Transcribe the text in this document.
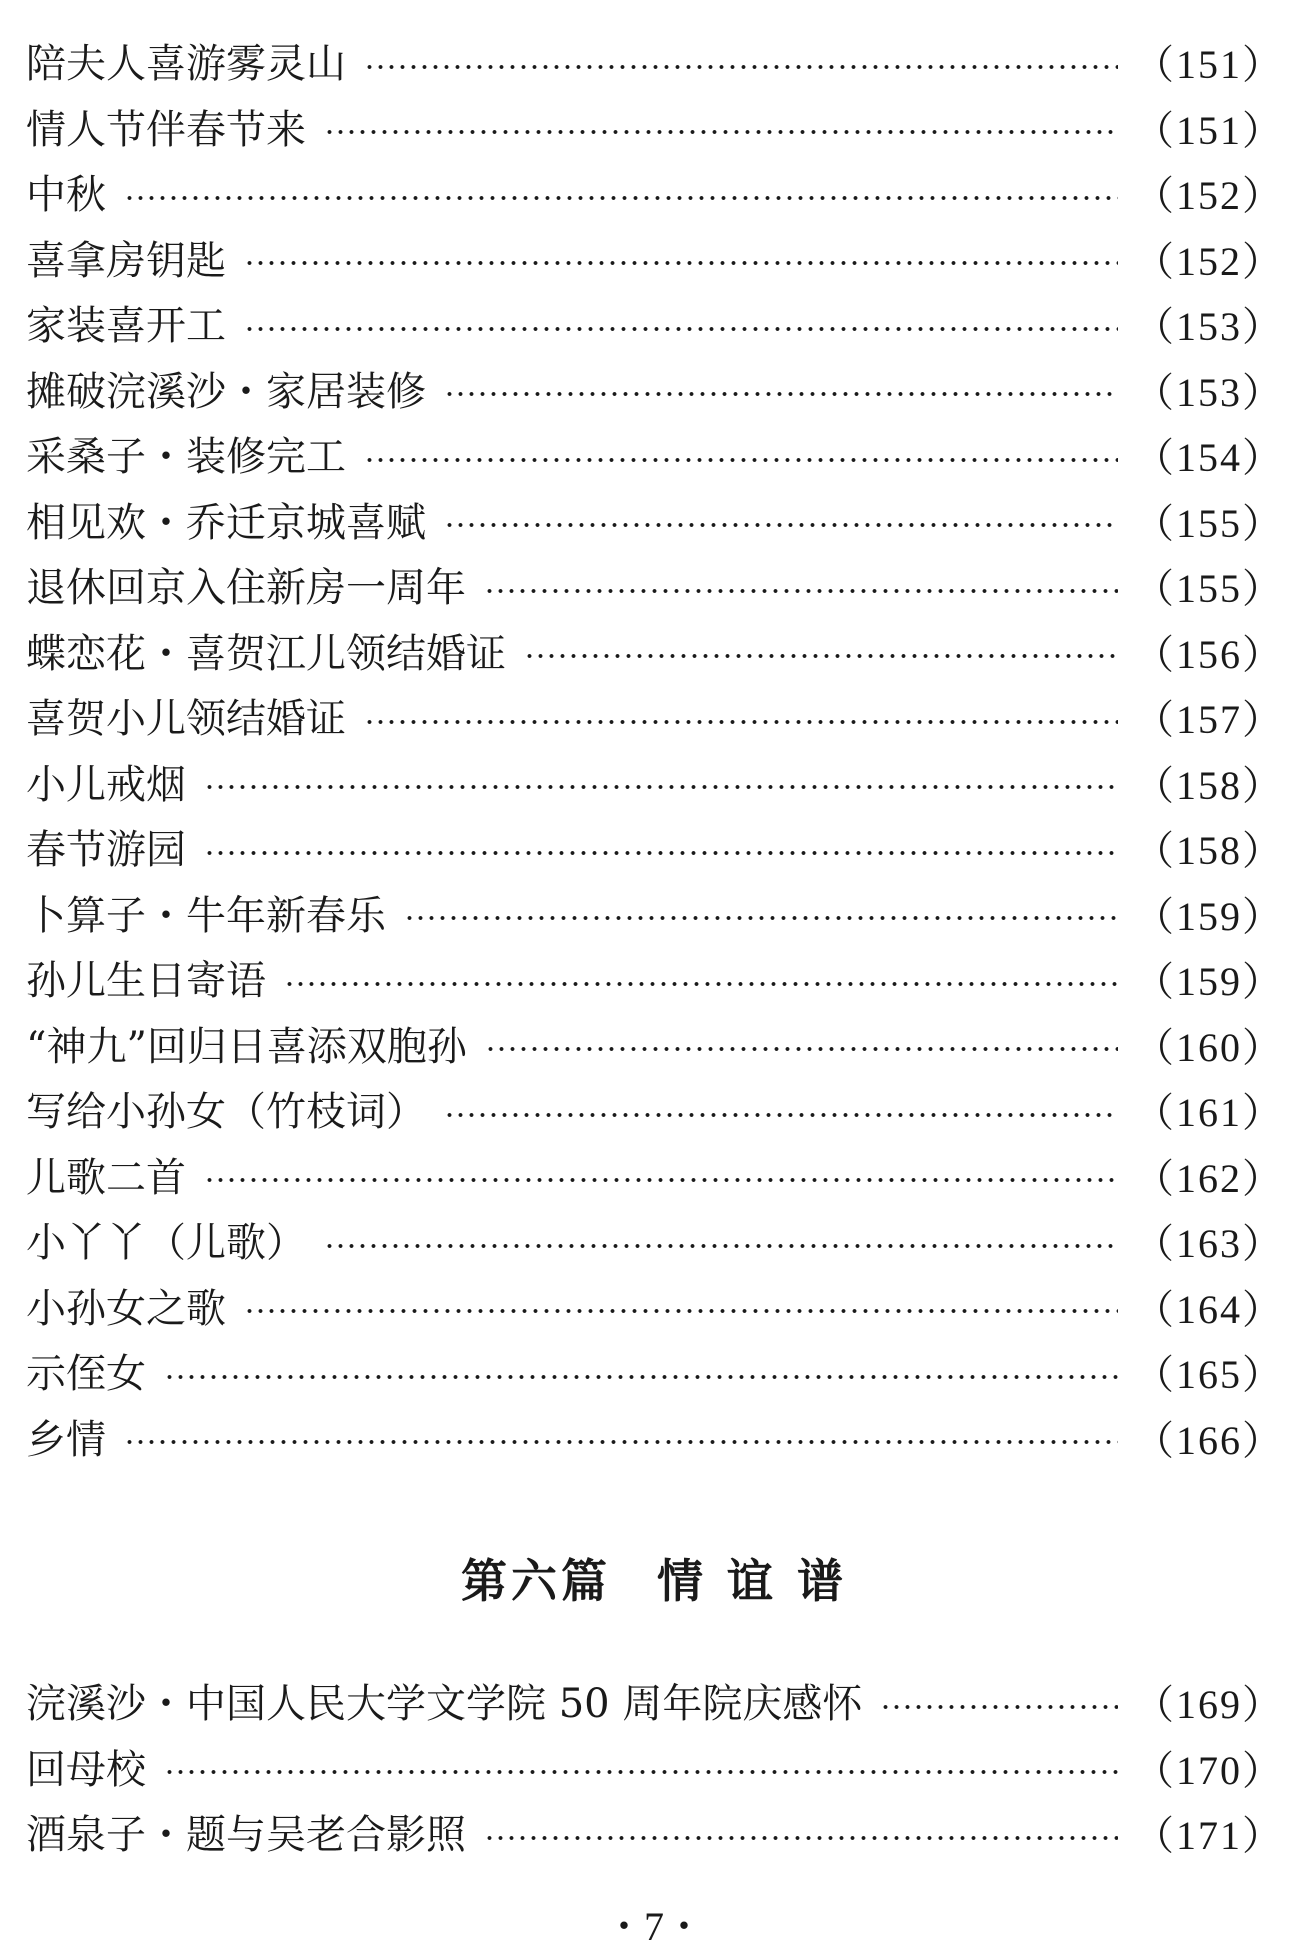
陪夫人喜游雾灵山	（151）
情人节伴春节来	（151）
中秋	（152）
喜拿房钥匙	（152）
家装喜开工	（153）
摊破浣溪沙・家居装修	（153）
采桑子・装修完工	（154）
相见欢・乔迁京城喜赋	（155）
退休回京入住新房一周年	（155）
蝶恋花・喜贺江儿领结婚证	（156）
喜贺小儿领结婚证	（157）
小儿戒烟	（158）
春节游园	（158）
卜算子・牛年新春乐	（159）
孙儿生日寄语	（159）
“神九”回归日喜添双胞孙	（160）
写给小孙女（竹枝词）	（161）
儿歌二首	（162）
小丫丫（儿歌）	（163）
小孙女之歌	（164）
示侄女	（165）
乡情	（166）
第六篇 情 谊 谱
浣溪沙・中国人民大学文学院 50 周年院庆感怀	（169）
回母校	（170）
酒泉子・题与吴老合影照	（171）
・7・
